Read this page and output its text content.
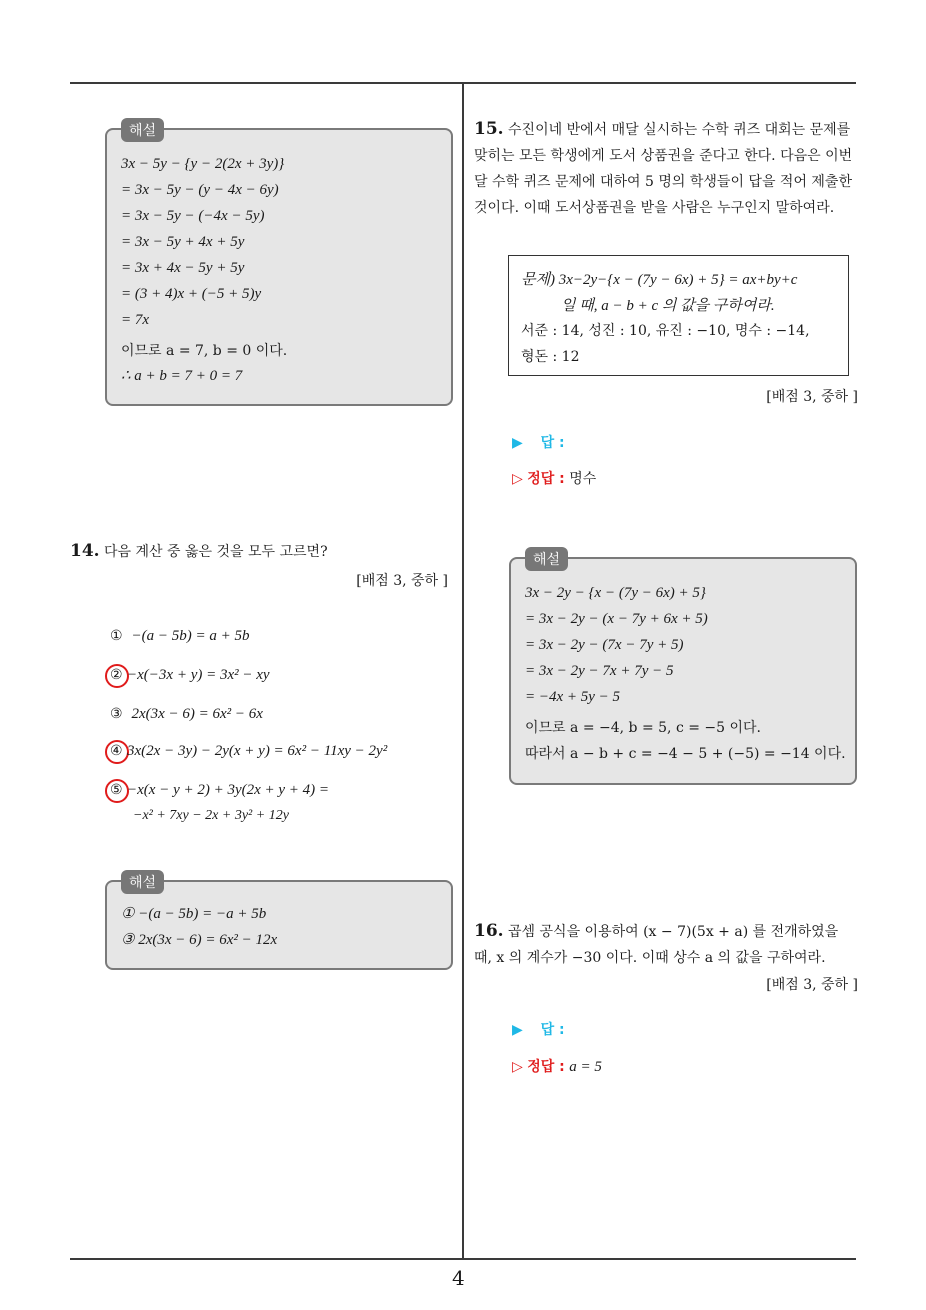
4
해설
3x − 5y − {y − 2(2x + 3y)}
= 3x − 5y − (y − 4x − 6y)
= 3x − 5y − (−4x − 5y)
= 3x − 5y + 4x + 5y
= 3x + 4x − 5y + 5y
= (3 + 4)x + (−5 + 5)y
= 7x
이므로 a = 7, b = 0 이다.
∴ a + b = 7 + 0 = 7
14. 다음 계산 중 옳은 것을 모두 고르면?
[배점 3, 중하 ]
① −(a − 5b) = a + 5b
② −x(−3x + y) = 3x² − xy
③ 2x(3x − 6) = 6x² − 6x
④ 3x(2x − 3y) − 2y(x + y) = 6x² − 11xy − 2y²
⑤ −x(x − y + 2) + 3y(2x + y + 4) =
−x² + 7xy − 2x + 3y² + 12y
해설
① −(a − 5b) = −a + 5b
③ 2x(3x − 6) = 6x² − 12x
15. 수진이네 반에서 매달 실시하는 수학 퀴즈 대회는 문제를 맞히는 모든 학생에게 도서 상품권을 준다고 한다. 다음은 이번 달 수학 퀴즈 문제에 대하여 5 명의 학생들이 답을 적어 제출한 것이다. 이때 도서상품권을 받을 사람은 누구인지 말하여라.
문제) 3x−2y−{x − (7y − 6x) + 5} = ax+by+c
일 때, a − b + c 의 값을 구하여라.
서준 : 14, 성진 : 10, 유진 : −10, 명수 : −14,
형돈 : 12
[배점 3, 중하 ]
▶ 답 :
▷ 정답 : 명수
해설
3x − 2y − {x − (7y − 6x) + 5}
= 3x − 2y − (x − 7y + 6x + 5)
= 3x − 2y − (7x − 7y + 5)
= 3x − 2y − 7x + 7y − 5
= −4x + 5y − 5
이므로 a = −4, b = 5, c = −5 이다.
따라서 a − b + c = −4 − 5 + (−5) = −14 이다.
16. 곱셈 공식을 이용하여 (x − 7)(5x + a) 를 전개하였을 때, x 의 계수가 −30 이다. 이때 상수 a 의 값을 구하여라.
[배점 3, 중하 ]
▶ 답 :
▷ 정답 : a = 5
